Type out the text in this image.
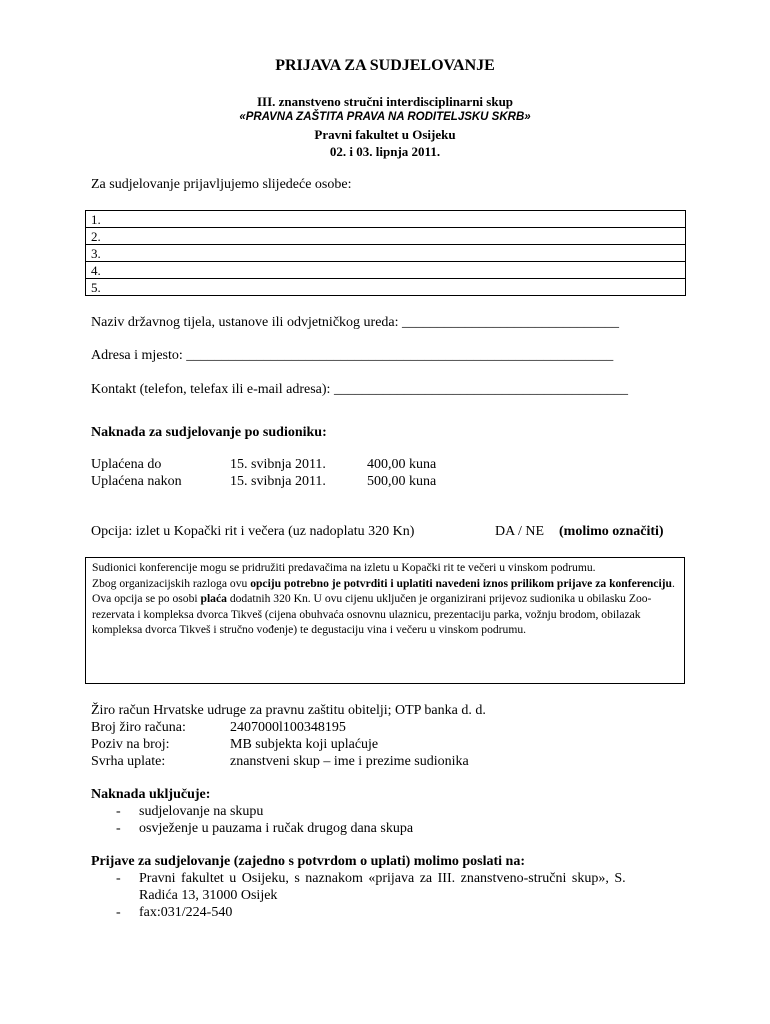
PRIJAVA ZA SUDJELOVANJE
III. znanstveno stručni interdisciplinarni skup
«PRAVNA ZAŠTITA PRAVA NA RODITELJSKU SKRB»
Pravni fakultet u Osijeku
02. i 03. lipnja 2011.
Za sudjelovanje prijavljujemo slijedeće osobe:
1.
2.
3.
4.
5.
Naziv državnog tijela, ustanove ili odvjetničkog ureda: _______________________________
Adresa i mjesto: _____________________________________________________________
Kontakt (telefon, telefax ili e-mail adresa): __________________________________________
Naknada za sudjelovanje po sudioniku:
Uplaćena do	15. svibnja 2011.	400,00 kuna
Uplaćena nakon	15. svibnja 2011.	500,00 kuna
Opcija: izlet u Kopački rit i večera (uz nadoplatu 320 Kn)	DA / NE (molimo označiti)

Sudionici konferencije mogu se pridružiti predavačima na izletu u Kopački rit te večeri u vinskom podrumu.

Zbog organizacijskih razloga ovu opciju potrebno je potvrditi i uplatiti navedeni iznos prilikom prijave za konferenciju.

Ova opcija se po osobi plaća dodatnih 320 Kn. U ovu cijenu uključen je organizirani prijevoz sudionika u obilasku Zoo-rezervata i kompleksa dvorca Tikveš (cijena obuhvaća osnovnu ulaznicu, prezentaciju parka, vožnju brodom, obilazak kompleksa dvorca Tikveš i stručno vođenje) te degustaciju vina i večeru u vinskom podrumu.

Žiro račun Hrvatske udruge za pravnu zaštitu obitelji; OTP banka d. d.
Broj žiro računa:	2407000l100348195
Poziv na broj:	MB subjekta koji uplaćuje
Svrha uplate:	znanstveni skup – ime i prezime sudionika
Naknada uključuje:
- sudjelovanje na skupu
- osvježenje u pauzama i ručak drugog dana skupa
Prijave za sudjelovanje (zajedno s potvrdom o uplati) molimo poslati na:
- Pravni fakultet u Osijeku, s naznakom «prijava za III. znanstveno-stručni skup», S.
Radića 13, 31000 Osijek
- fax:031/224-540
